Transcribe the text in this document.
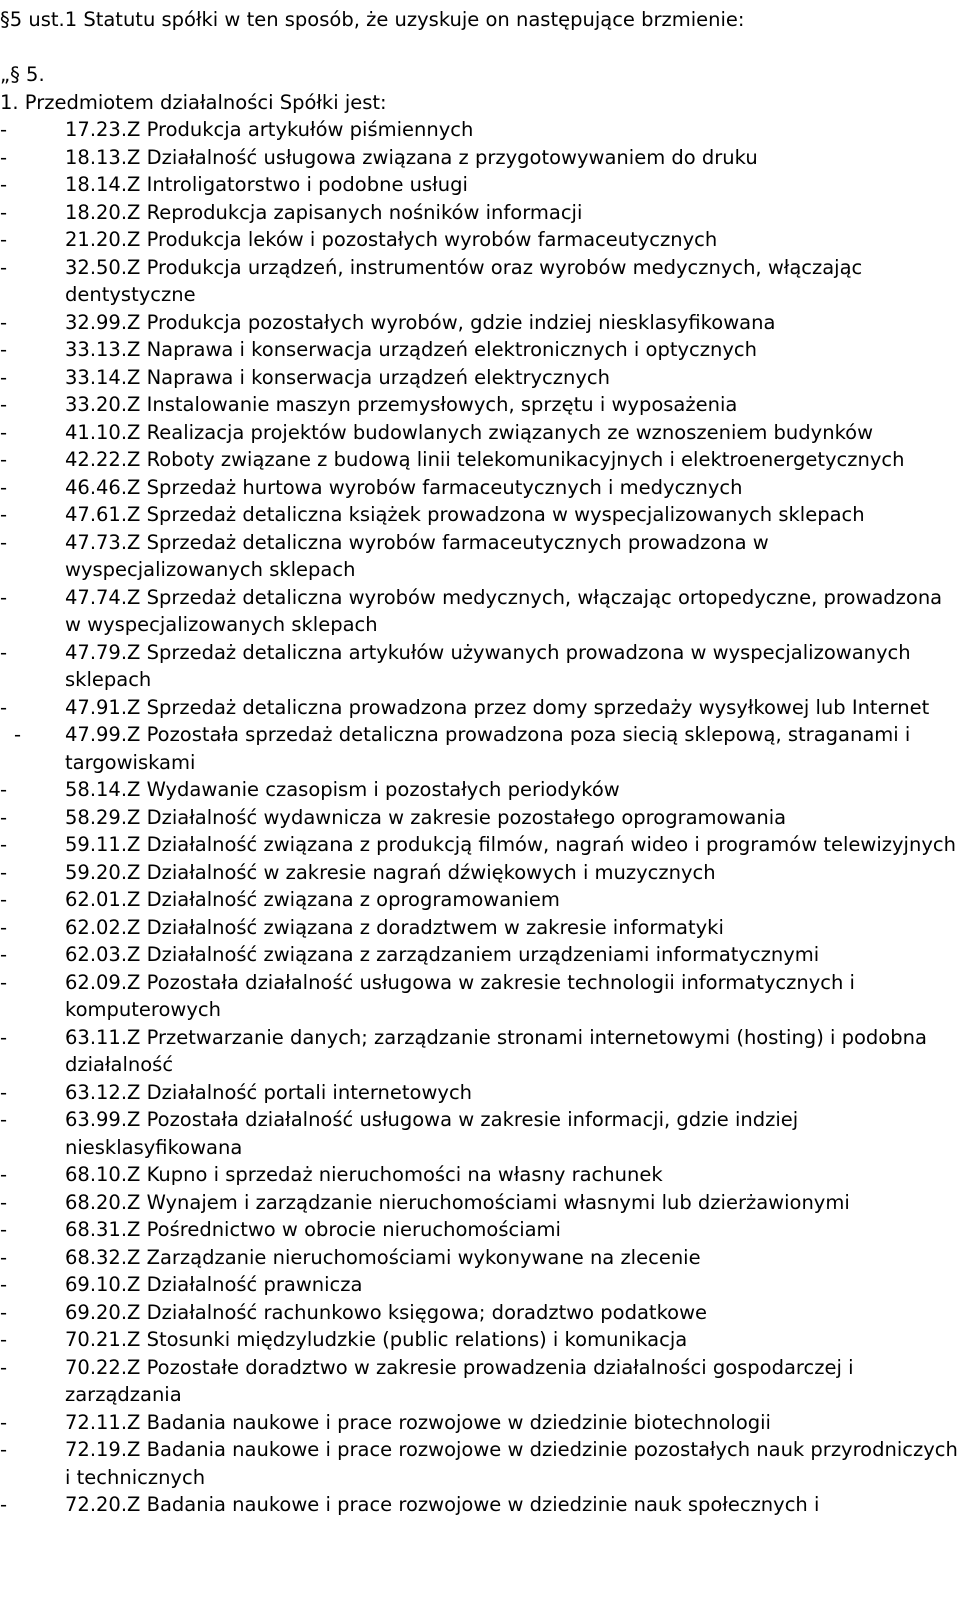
§5 ust.1 Statutu spółki w ten sposób, że uzyskuje on następujące brzmienie:
„§ 5.
1. Przedmiotem działalności Spółki jest:
-	17.23.Z Produkcja artykułów piśmiennych
-	18.13.Z Działalność usługowa związana z przygotowywaniem do druku
-	18.14.Z Introligatorstwo i podobne usługi
-	18.20.Z Reprodukcja zapisanych nośników informacji
-	21.20.Z Produkcja leków i pozostałych wyrobów farmaceutycznych
-	32.50.Z Produkcja urządzeń, instrumentów oraz wyrobów medycznych, włączając dentystyczne
-	32.99.Z Produkcja pozostałych wyrobów, gdzie indziej niesklasyfikowana
-	33.13.Z Naprawa i konserwacja urządzeń elektronicznych i optycznych
-	33.14.Z Naprawa i konserwacja urządzeń elektrycznych
-	33.20.Z Instalowanie maszyn przemysłowych, sprzętu i wyposażenia
-	41.10.Z Realizacja projektów budowlanych związanych ze wznoszeniem budynków
-	42.22.Z Roboty związane z budową linii telekomunikacyjnych i elektroenergetycznych
-	46.46.Z Sprzedaż hurtowa wyrobów farmaceutycznych i medycznych
-	47.61.Z Sprzedaż detaliczna książek prowadzona w wyspecjalizowanych sklepach
-	47.73.Z Sprzedaż detaliczna wyrobów farmaceutycznych prowadzona w wyspecjalizowanych sklepach
-	47.74.Z Sprzedaż detaliczna wyrobów medycznych, włączając ortopedyczne, prowadzona w wyspecjalizowanych sklepach
-	47.79.Z Sprzedaż detaliczna artykułów używanych prowadzona w wyspecjalizowanych sklepach
-	47.91.Z Sprzedaż detaliczna prowadzona przez domy sprzedaży wysyłkowej lub Internet
-	47.99.Z Pozostała sprzedaż detaliczna prowadzona poza siecią sklepową, straganami i targowiskami
-	58.14.Z Wydawanie czasopism i pozostałych periodyków
-	58.29.Z Działalność wydawnicza w zakresie pozostałego oprogramowania
-	59.11.Z Działalność związana z produkcją filmów, nagrań wideo i programów telewizyjnych
-	59.20.Z Działalność w zakresie nagrań dźwiękowych i muzycznych
-	62.01.Z Działalność związana z oprogramowaniem
-	62.02.Z Działalność związana z doradztwem w zakresie informatyki
-	62.03.Z Działalność związana z zarządzaniem urządzeniami informatycznymi
-	62.09.Z Pozostała działalność usługowa w zakresie technologii informatycznych i komputerowych
-	63.11.Z Przetwarzanie danych; zarządzanie stronami internetowymi (hosting) i podobna działalność
-	63.12.Z Działalność portali internetowych
-	63.99.Z Pozostała działalność usługowa w zakresie informacji, gdzie indziej niesklasyfikowana
-	68.10.Z Kupno i sprzedaż nieruchomości na własny rachunek
-	68.20.Z Wynajem i zarządzanie nieruchomościami własnymi lub dzierżawionymi
-	68.31.Z Pośrednictwo w obrocie nieruchomościami
-	68.32.Z Zarządzanie nieruchomościami wykonywane na zlecenie
-	69.10.Z Działalność prawnicza
-	69.20.Z Działalność rachunkowo księgowa; doradztwo podatkowe
-	70.21.Z Stosunki międzyludzkie (public relations) i komunikacja
-	70.22.Z Pozostałe doradztwo w zakresie prowadzenia działalności gospodarczej i zarządzania
-	72.11.Z Badania naukowe i prace rozwojowe w dziedzinie biotechnologii
-	72.19.Z Badania naukowe i prace rozwojowe w dziedzinie pozostałych nauk przyrodniczych i technicznych
-	72.20.Z Badania naukowe i prace rozwojowe w dziedzinie nauk społecznych i
